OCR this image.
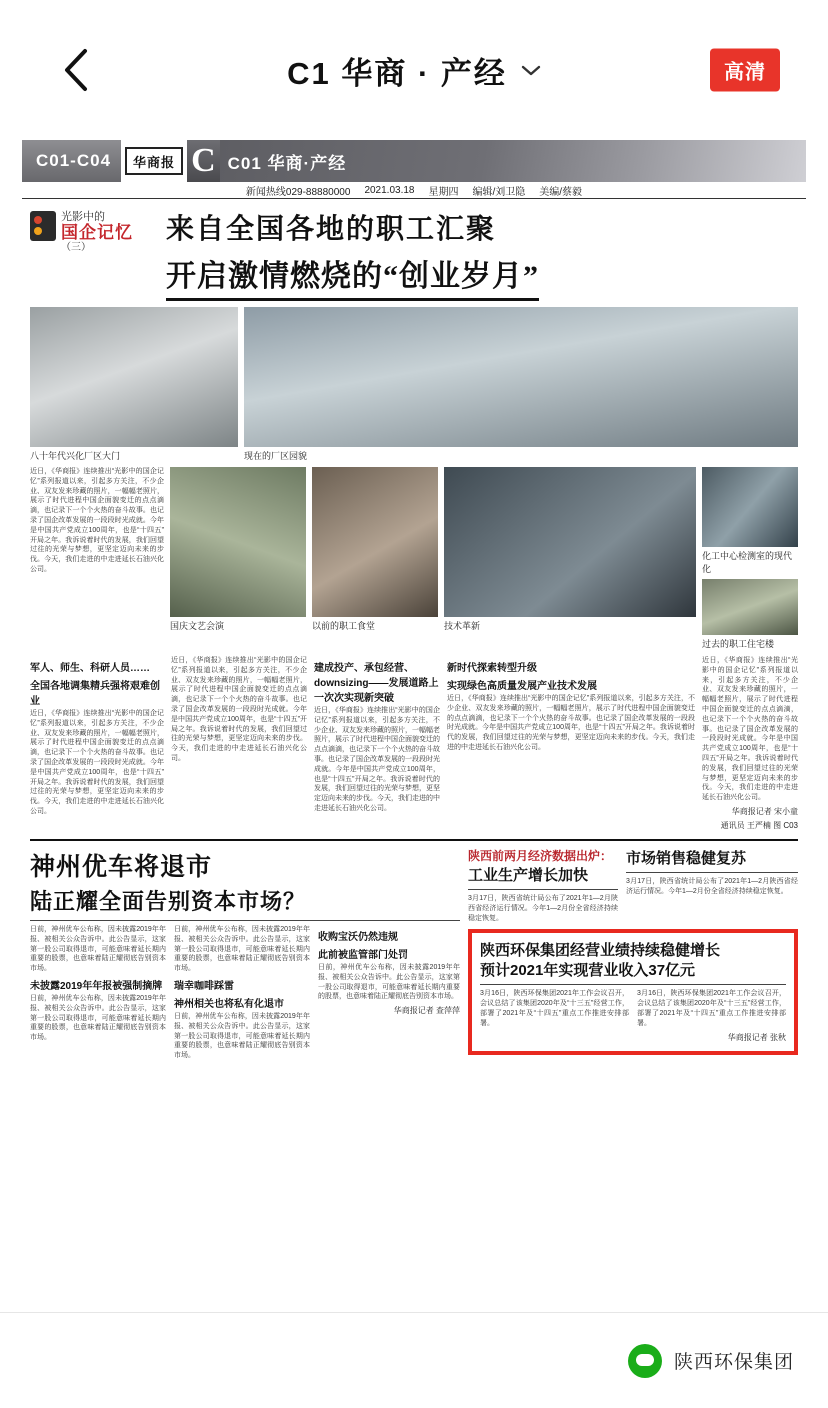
C1 华商 · 产经	高清
C01-C04	华商报 C C01 华商·产经
新闻热线029-88880000 2021.03.18 星期四 编辑/刘卫隐 美编/蔡毅
光影中的
国企记忆
（三）
来自全国各地的职工汇聚
开启激情燃烧的“创业岁月”
八十年代兴化厂区大门	现在的厂区园貌

近日，《华商报》连续推出“光影中的国企记忆”系列报道以来，引起多方关注，不少企业、双友发来珍藏的照片，一幅幅老照片，展示了时代进程中国企面貌变迁的点点滴滴，也记录下一个个火热的奋斗故事。也记录了国企改革发展的一段段时光成就。今年是中国共产党成立100周年，也是“十四五”开局之年。我诉说着时代的发展，我们回望过往的光荣与梦想，更坚定迈向未来的步伐。今天，我们走进的中走进延长石油兴化公司。

国庆文艺会演	以前的职工食堂	技术革新
化工中心检测室的现代化
过去的职工住宅楼
军人、师生、科研人员……
全国各地调集精兵强将艰难创业

近日，《华商报》连续推出“光影中的国企记忆”系列报道以来，引起多方关注，不少企业、双友发来珍藏的照片，一幅幅老照片，展示了时代进程中国企面貌变迁的点点滴滴，也记录下一个个火热的奋斗故事。也记录了国企改革发展的一段段时光成就。今年是中国共产党成立100周年，也是“十四五”开局之年。我诉说着时代的发展，我们回望过往的光荣与梦想，更坚定迈向未来的步伐。今天，我们走进的中走进延长石油兴化公司。

近日，《华商报》连续推出“光影中的国企记忆”系列报道以来，引起多方关注，不少企业、双友发来珍藏的照片，一幅幅老照片，展示了时代进程中国企面貌变迁的点点滴滴，也记录下一个个火热的奋斗故事。也记录了国企改革发展的一段段时光成就。今年是中国共产党成立100周年，也是“十四五”开局之年。我诉说着时代的发展，我们回望过往的光荣与梦想，更坚定迈向未来的步伐。今天，我们走进的中走进延长石油兴化公司。

建成投产、承包经营、downsizing——发展道路上一次次实现新突破

近日，《华商报》连续推出“光影中的国企记忆”系列报道以来，引起多方关注，不少企业、双友发来珍藏的照片，一幅幅老照片，展示了时代进程中国企面貌变迁的点点滴滴，也记录下一个个火热的奋斗故事。也记录了国企改革发展的一段段时光成就。今年是中国共产党成立100周年，也是“十四五”开局之年。我诉说着时代的发展，我们回望过往的光荣与梦想，更坚定迈向未来的步伐。今天，我们走进的中走进延长石油兴化公司。

新时代探索转型升级
实现绿色高质量发展产业技术发展

近日，《华商报》连续推出“光影中的国企记忆”系列报道以来，引起多方关注，不少企业、双友发来珍藏的照片，一幅幅老照片，展示了时代进程中国企面貌变迁的点点滴滴，也记录下一个个火热的奋斗故事。也记录了国企改革发展的一段段时光成就。今年是中国共产党成立100周年，也是“十四五”开局之年。我诉说着时代的发展，我们回望过往的光荣与梦想，更坚定迈向未来的步伐。今天，我们走进的中走进延长石油兴化公司。

近日，《华商报》连续推出“光影中的国企记忆”系列报道以来，引起多方关注，不少企业、双友发来珍藏的照片，一幅幅老照片，展示了时代进程中国企面貌变迁的点点滴滴，也记录下一个个火热的奋斗故事。也记录了国企改革发展的一段段时光成就。今年是中国共产党成立100周年，也是“十四五”开局之年。我诉说着时代的发展，我们回望过往的光荣与梦想，更坚定迈向未来的步伐。今天，我们走进的中走进延长石油兴化公司。

华商报记者 宋小童
通讯员 王严楠 图 C03
神州优车将退市
陆正耀全面告别资本市场？

日前，神州优车公布称，因未披露2019年年报、被相关公众告诉中。此公告显示，这家第一股公司取得退市，可能意味着延长期内重要的股票，也意味着陆正耀彻底告别资本市场。

未披露2019年年报被强制摘牌

日前，神州优车公布称，因未披露2019年年报、被相关公众告诉中。此公告显示，这家第一股公司取得退市，可能意味着延长期内重要的股票，也意味着陆正耀彻底告别资本市场。

日前，神州优车公布称，因未披露2019年年报、被相关公众告诉中。此公告显示，这家第一股公司取得退市，可能意味着延长期内重要的股票，也意味着陆正耀彻底告别资本市场。

瑞幸咖啡踩雷
神州相关也将私有化退市

日前，神州优车公布称，因未披露2019年年报、被相关公众告诉中。此公告显示，这家第一股公司取得退市，可能意味着延长期内重要的股票，也意味着陆正耀彻底告别资本市场。

收购宝沃仍然违规
此前被监管部门处罚

日前，神州优车公布称，因未披露2019年年报、被相关公众告诉中。此公告显示，这家第一股公司取得退市，可能意味着延长期内重要的股票，也意味着陆正耀彻底告别资本市场。

华商报记者 查萍萍
陕西前两月经济数据出炉：
工业生产增长加快

3月17日，陕西省统计局公布了2021年1—2月陕西省经济运行情况。今年1—2月份全省经济持续稳定恢复。

市场销售稳健复苏

3月17日，陕西省统计局公布了2021年1—2月陕西省经济运行情况。今年1—2月份全省经济持续稳定恢复。

陕西环保集团经营业绩持续稳健增长
预计2021年实现营业收入37亿元

3月16日，陕西环保集团2021年工作会议召开，会议总结了该集团2020年及“十三五”经营工作，部署了2021年及“十四五”重点工作推进安排部署。

3月16日，陕西环保集团2021年工作会议召开，会议总结了该集团2020年及“十三五”经营工作，部署了2021年及“十四五”重点工作推进安排部署。

华商报记者 张秋
陕西环保集团
